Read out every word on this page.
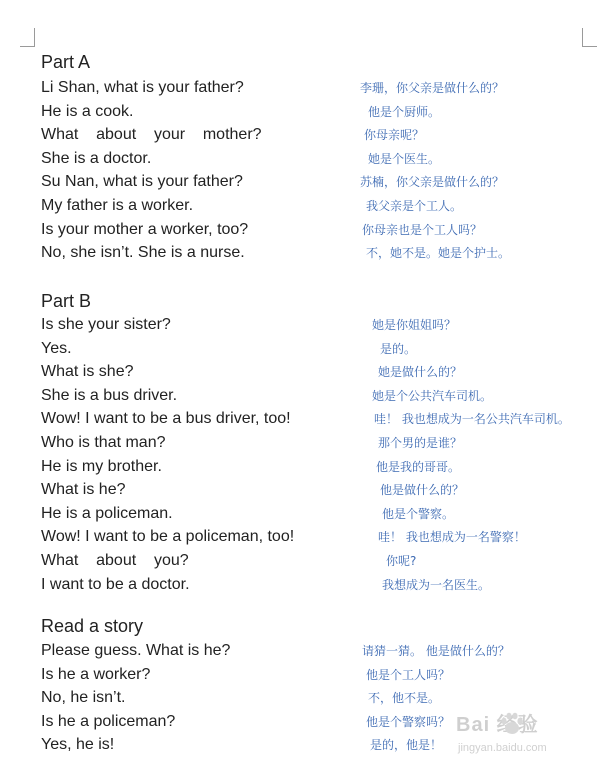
Part A
Li Shan, what is your father?	李珊，你父亲是做什么的？
He is a cook.	他是个厨师。
What    about    your    mother?	你母亲呢？
She is a doctor.	她是个医生。
Su Nan, what is your father?	苏楠，你父亲是做什么的？
My father is a worker.	我父亲是个工人。
Is your mother a worker, too?	你母亲也是个工人吗？
No, she isn’t. She is a nurse.	不，她不是。她是个护士。
Part B
Is she your sister?	她是你姐姐吗？
Yes.	是的。
What is she?	她是做什么的？
She is a bus driver.	她是个公共汽车司机。
Wow! I want to be a bus driver, too!	哇！ 我也想成为一名公共汽车司机。
Who is that man?	那个男的是谁？
He is my brother.	他是我的哥哥。
What is he?	他是做什么的？
He is a policeman.	他是个警察。
Wow! I want to be a policeman, too!	哇！ 我也想成为一名警察！
What    about    you?	你呢?
I want to be a doctor.	我想成为一名医生。
Read a story
Please guess. What is he?	请猜一猜。 他是做什么的？
Is he a worker?	他是个工人吗？
No, he isn’t.	不，他不是。
Is he a policeman?	他是个警察吗？
Yes, he is!	是的，他是！
Bai 经验
jingyan.baidu.com
